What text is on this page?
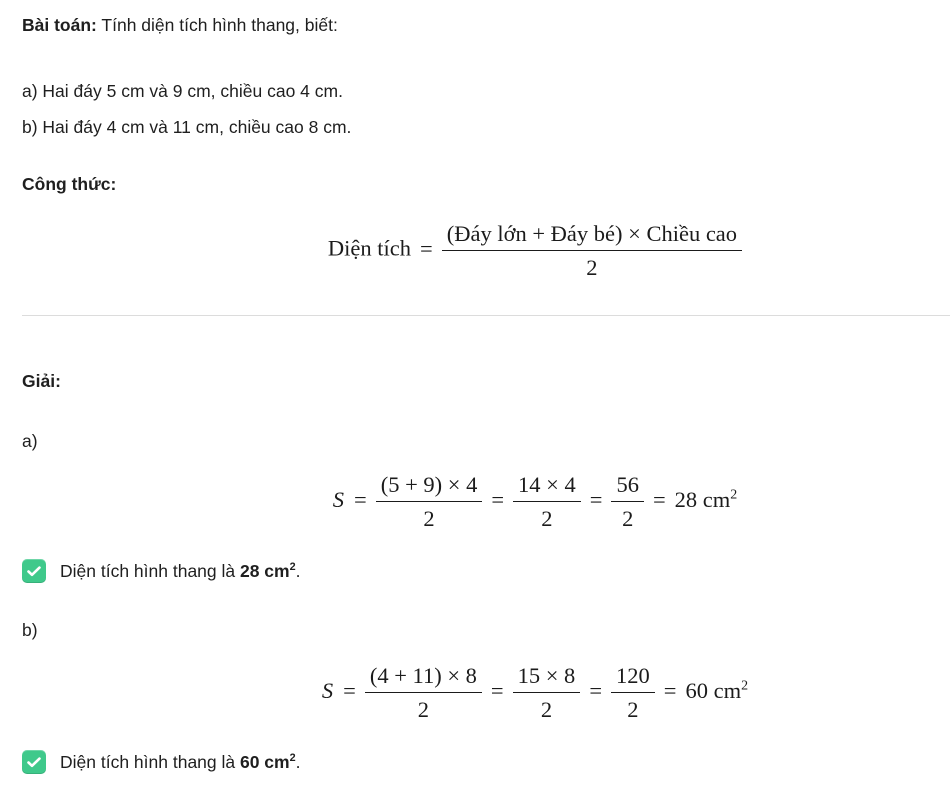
Bài toán: Tính diện tích hình thang, biết:

a) Hai đáy 5 cm và 9 cm, chiều cao 4 cm.

b) Hai đáy 4 cm và 11 cm, chiều cao 8 cm.

Công thức:

Diện tích = $\frac{\text{(Đáy lớn + Đáy bé) × Chiều cao}}{2}$

Giải:

a)

$S = \frac{(5 + 9) \times 4}{2} = \frac{14 \times 4}{2} = \frac{56}{2} = 28$ $cm^2$
Diện tích hình thang là 28 $cm^2$.

b)

$S = \frac{(4 + 11) \times 8}{2} = \frac{15 \times 8}{2} = \frac{120}{2} = 60$ $cm^2$
Diện tích hình thang là 60 $cm^2$.
